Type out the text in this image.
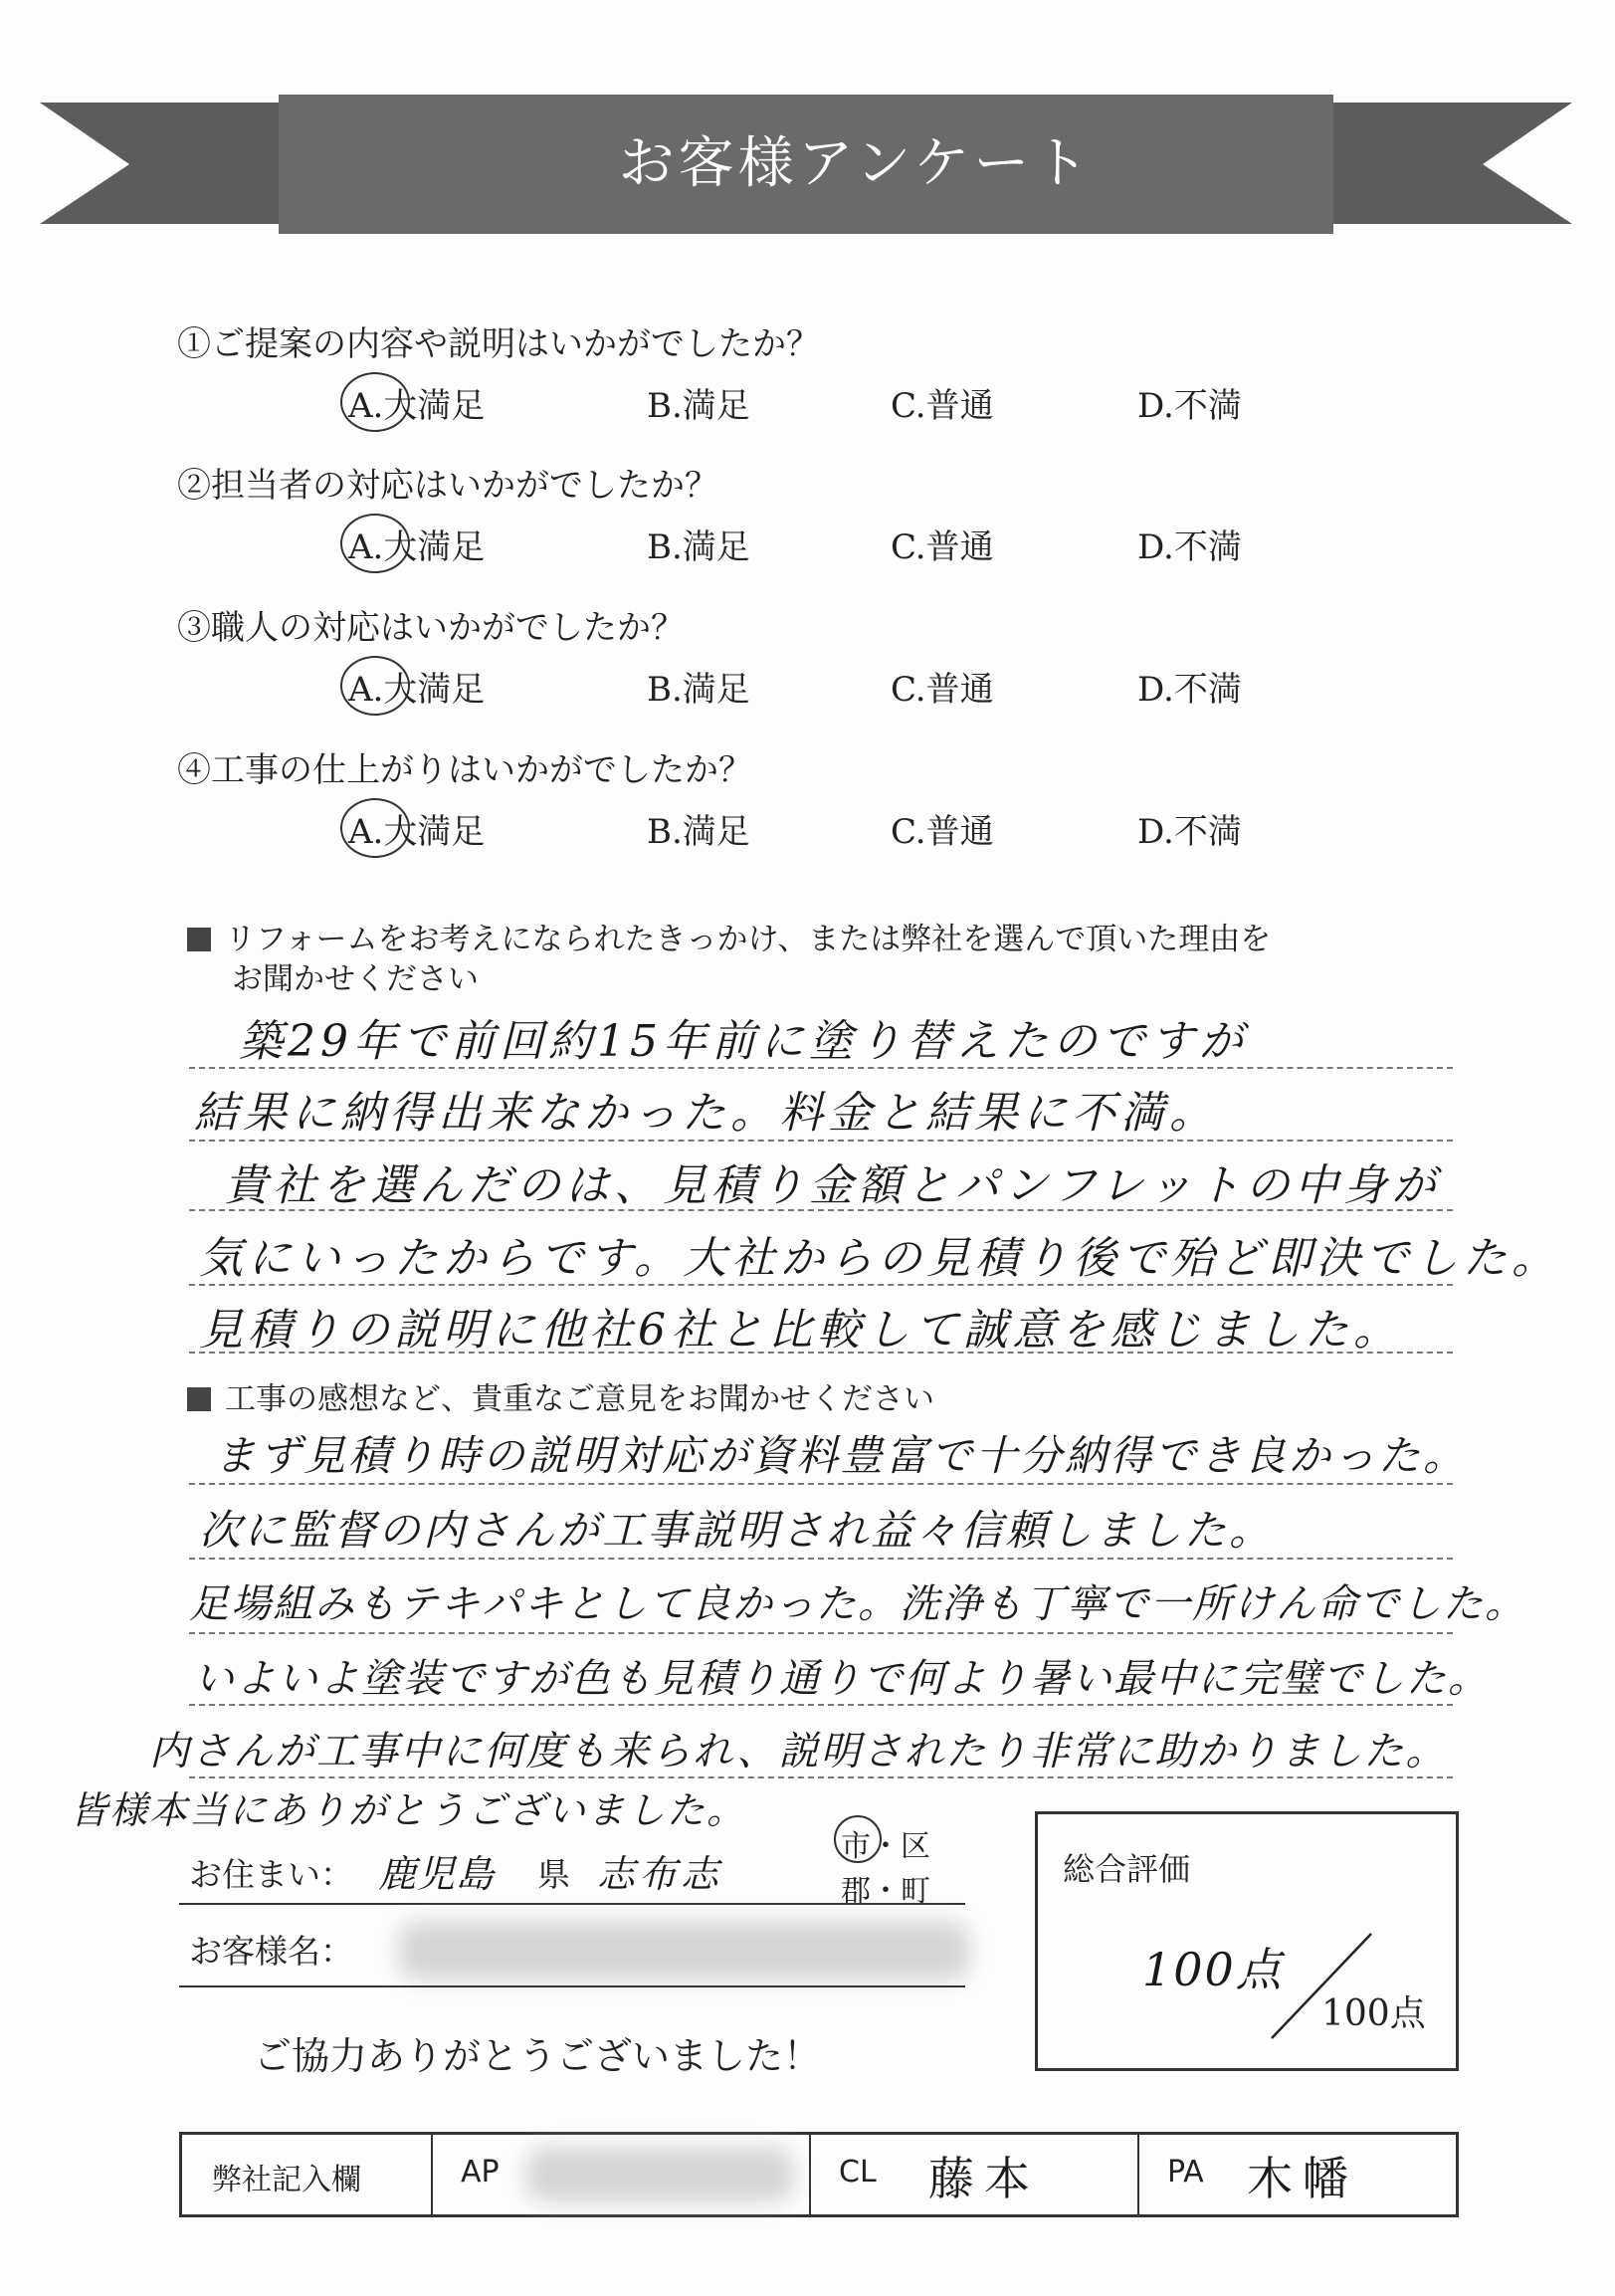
お客様アンケート
①ご提案の内容や説明はいかがでしたか？
A.大満足	B.満足	C.普通	D.不満
②担当者の対応はいかがでしたか？
A.大満足	B.満足	C.普通	D.不満
③職人の対応はいかがでしたか？
A.大満足	B.満足	C.普通	D.不満
④工事の仕上がりはいかがでしたか？
A.大満足	B.満足	C.普通	D.不満
リフォームをお考えになられたきっかけ、または弊社を選んで頂いた理由を
お聞かせください
築29年で前回約15年前に塗り替えたのですが
結果に納得出来なかった。料金と結果に不満。
貴社を選んだのは、見積り金額とパンフレットの中身が
気にいったからです。大社からの見積り後で殆ど即決でした。
見積りの説明に他社6社と比較して誠意を感じました。
工事の感想など、貴重なご意見をお聞かせください
まず見積り時の説明対応が資料豊富で十分納得でき良かった。
次に監督の内さんが工事説明され益々信頼しました。
足場組みもテキパキとして良かった。洗浄も丁寧で一所けん命でした。
いよいよ塗装ですが色も見積り通りで何より暑い最中に完璧でした。
内さんが工事中に何度も来られ、説明されたり非常に助かりました。
皆様本当にありがとうございました。
お住まい： 鹿児島 県 志布志
市・区
郡・町
お客様名：
ご協力ありがとうございました！
総合評価
100点
100点
弊社記入欄	AP	CL 藤本	PA 木幡
